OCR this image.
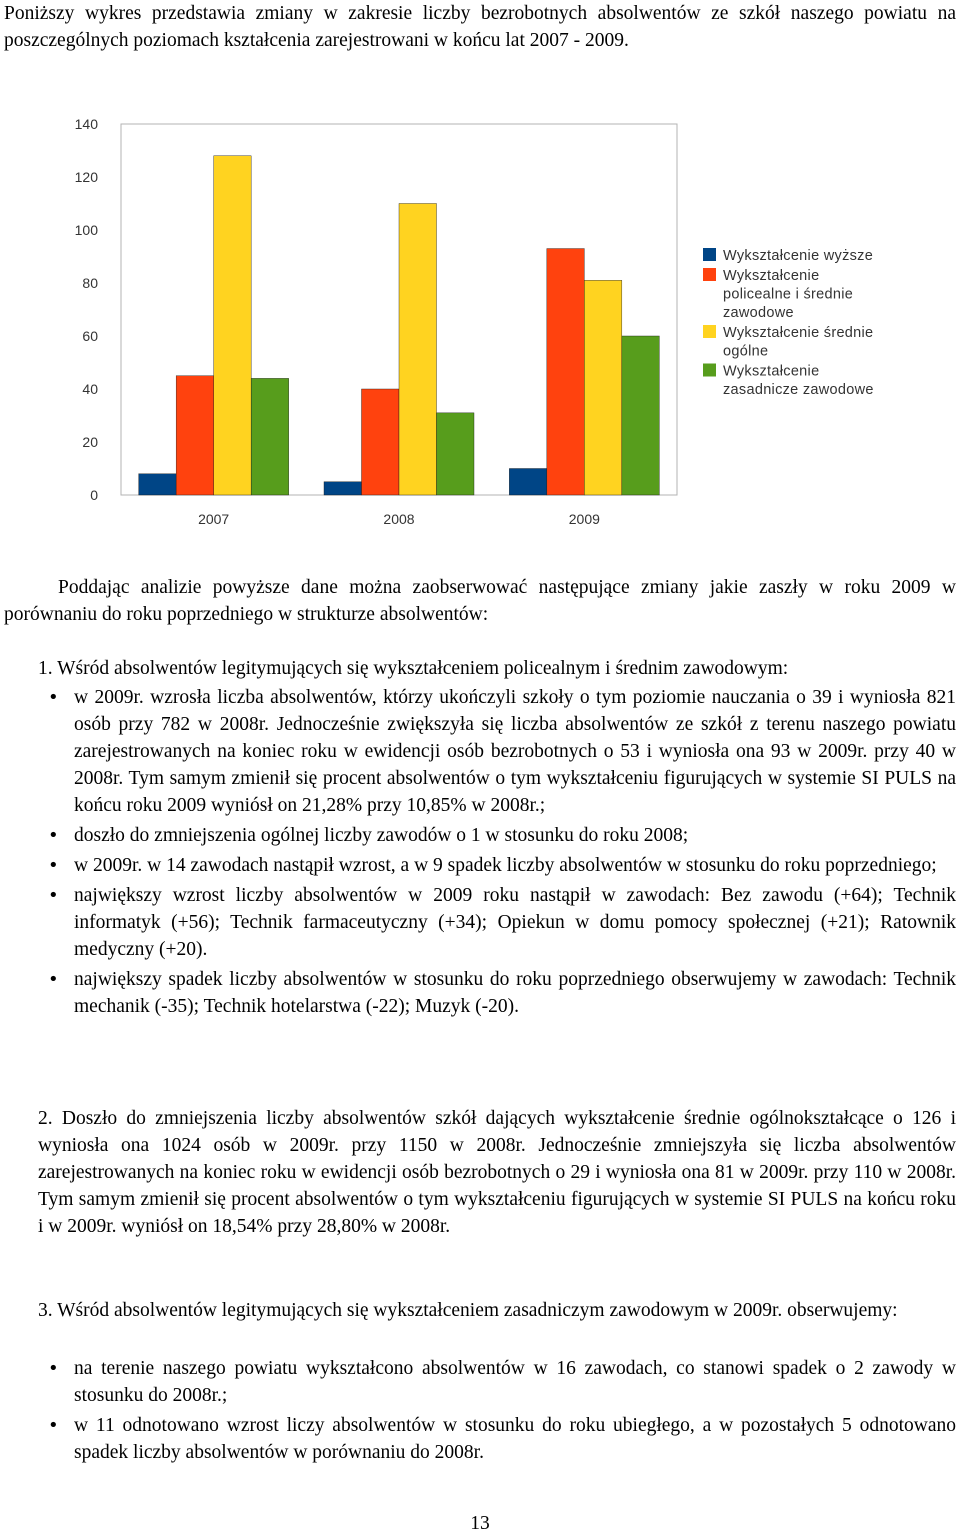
Poniższy wykres przedstawia zmiany w zakresie liczby bezrobotnych absolwentów ze szkół naszego powiatu na poszczególnych poziomach kształcenia zarejestrowani w końcu lat 2007 - 2009.

0
20
40
60
80
100
120
140
2007	2008	2009
Wykształcenie wyższe
Wykształcenie
policealne i średnie
zawodowe
Wykształcenie średnie
ogólne
Wykształcenie
zasadnicze zawodowe

Poddając analizie powyższe dane można zaobserwować następujące zmiany jakie zaszły w roku 2009 w porównaniu do roku poprzedniego w strukturze absolwentów:

1. Wśród absolwentów legitymujących się wykształceniem policealnym i średnim zawodowym:
• w 2009r. wzrosła liczba absolwentów, którzy ukończyli szkoły o tym poziomie nauczania o 39 i wyniosła 821 osób przy 782 w 2008r. Jednocześnie zwiększyła się liczba absolwentów ze szkół z terenu naszego powiatu zarejestrowanych na koniec roku w ewidencji osób bezrobotnych o 53 i wyniosła ona 93 w 2009r. przy 40 w 2008r. Tym samym zmienił się procent absolwentów o tym wykształceniu figurujących w systemie SI PULS na końcu roku 2009 wyniósł on 21,28% przy 10,85% w 2008r.;
• doszło do zmniejszenia ogólnej liczby zawodów o 1 w stosunku do roku 2008;
• w 2009r. w 14 zawodach nastąpił wzrost, a w 9 spadek liczby absolwentów w stosunku do roku poprzedniego;
• największy wzrost liczby absolwentów w 2009 roku nastąpił w zawodach: Bez zawodu (+64); Technik informatyk (+56); Technik farmaceutyczny (+34); Opiekun w domu pomocy społecznej (+21); Ratownik medyczny (+20).
• największy spadek liczby absolwentów w stosunku do roku poprzedniego obserwujemy w zawodach: Technik mechanik (-35); Technik hotelarstwa (-22); Muzyk (-20).

2. Doszło do zmniejszenia liczby absolwentów szkół dających wykształcenie średnie ogólnokształcące o 126 i wyniosła ona 1024 osób w 2009r. przy 1150 w 2008r. Jednocześnie zmniejszyła się liczba absolwentów zarejestrowanych na koniec roku w ewidencji osób bezrobotnych o 29 i wyniosła ona 81 w 2009r. przy 110 w 2008r. Tym samym zmienił się procent absolwentów o tym wykształceniu figurujących w systemie SI PULS na końcu roku i w 2009r. wyniósł on 18,54% przy 28,80% w 2008r.

3. Wśród absolwentów legitymujących się wykształceniem zasadniczym zawodowym w 2009r. obserwujemy:

• na terenie naszego powiatu wykształcono absolwentów w 16 zawodach, co stanowi spadek o 2 zawody w stosunku do 2008r.;
• w 11 odnotowano wzrost liczy absolwentów w stosunku do roku ubiegłego, a w pozostałych 5 odnotowano spadek liczby absolwentów w porównaniu do 2008r.
13
